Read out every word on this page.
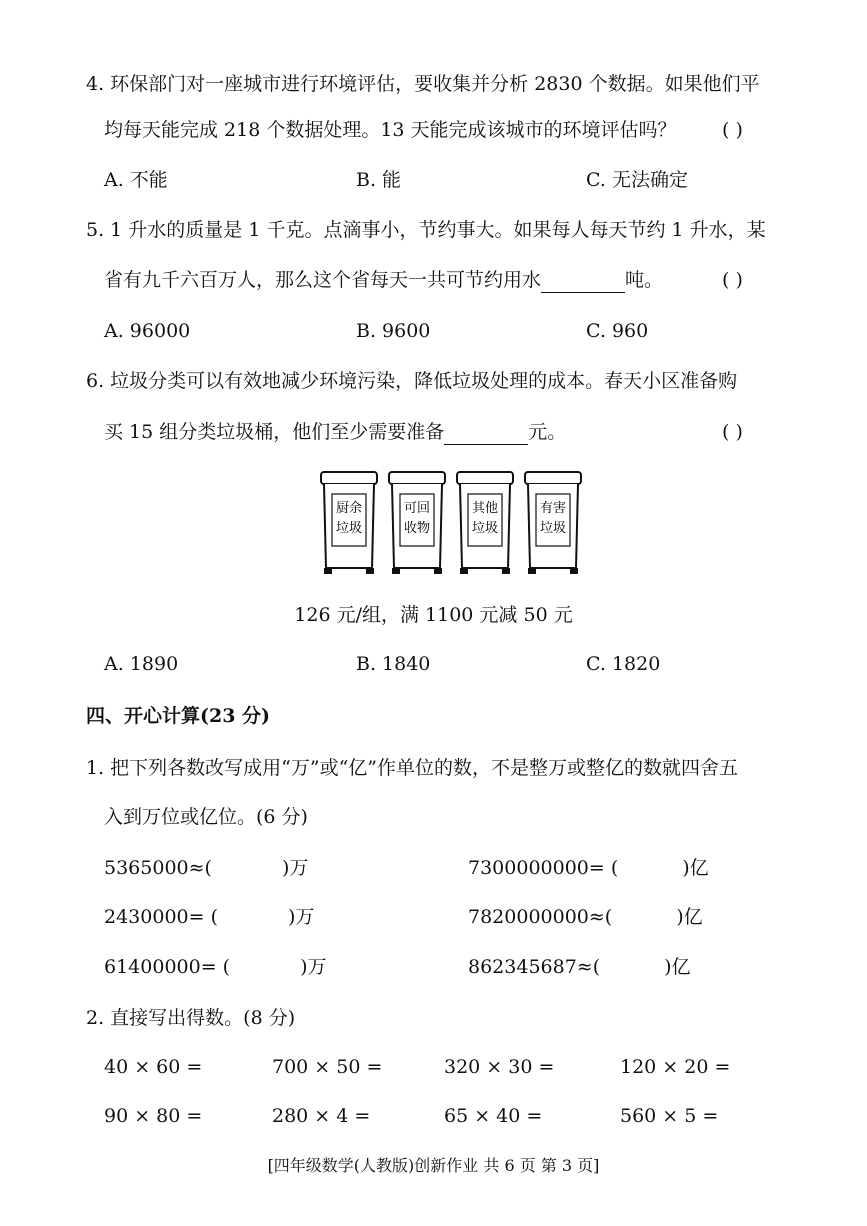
4. 环保部门对一座城市进行环境评估，要收集并分析 2830 个数据。如果他们平
均每天能完成 218 个数据处理。13 天能完成该城市的环境评估吗？ ( )
A. 不能	B. 能	C. 无法确定
5. 1 升水的质量是 1 千克。点滴事小，节约事大。如果每人每天节约 1 升水，某
省有九千六百万人，那么这个省每天一共可节约用水	吨。	( )
A. 96000	B. 9600	C. 960
6. 垃圾分类可以有效地减少环境污染，降低垃圾处理的成本。春天小区准备购
买 15 组分类垃圾桶，他们至少需要准备	元。	( )
厨余
垃圾
可回
收物
其他
垃圾
有害
垃圾
126 元/组，满 1100 元减 50 元
A. 1890	B. 1840	C. 1820
四、开心计算(23 分)
1. 把下列各数改写成用“万”或“亿”作单位的数，不是整万或整亿的数就四舍五
入到万位或亿位。(6 分)
5365000≈(	)万	7300000000= (	)亿
2430000= (	)万	7820000000≈(	)亿
61400000= (	)万	862345687≈(	)亿
2. 直接写出得数。(8 分)
40 × 60 =	700 × 50 =	320 × 30 =	120 × 20 =
90 × 80 =	280 × 4 =	65 × 40 =	560 × 5 =
[四年级数学(人教版)创新作业 共 6 页 第 3 页]
